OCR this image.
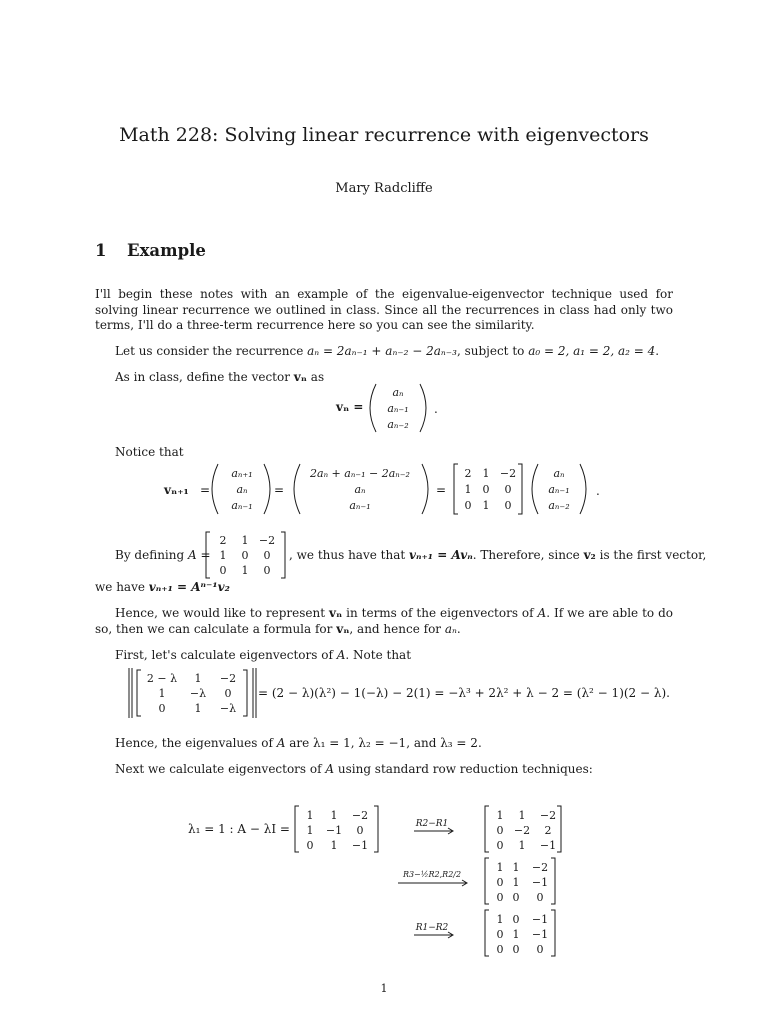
Math 228: Solving linear recurrence with eigenvectors
Mary Radcliffe
1 Example
I'll begin these notes with an example of the eigenvalue-eigenvector technique used for solving linear recurrence we outlined in class. Since all the recurrences in class had only two terms, I'll do a three-term recurrence here so you can see the similarity.
Let us consider the recurrence aₙ = 2aₙ₋₁ + aₙ₋₂ − 2aₙ₋₃, subject to a₀ = 2, a₁ = 2, a₂ = 4.
As in class, define the vector vₙ as
vₙ =
aₙ
aₙ₋₁
aₙ₋₂
.
Notice that
vₙ₊₁ =
aₙ₊₁
aₙ
aₙ₋₁
=
2aₙ + aₙ₋₁ − 2aₙ₋₂
aₙ
aₙ₋₁
=
2 1 −2
1 0 0
0 1 0
aₙ
aₙ₋₁
aₙ₋₂
.
By defining A =
2 1 −2
1 0 0
0 1 0
, we thus have that vₙ₊₁ = Avₙ. Therefore, since v₂ is the first vector,
we have vₙ₊₁ = Aⁿ⁻¹v₂
Hence, we would like to represent vₙ in terms of the eigenvectors of A. If we are able to do so, then we can calculate a formula for vₙ, and hence for aₙ.
First, let's calculate eigenvectors of A. Note that
2 − λ 1 −2
1 −λ 0
0	1 −λ
= (2 − λ)(λ²) − 1(−λ) − 2(1) = −λ³ + 2λ² + λ − 2 = (λ² − 1)(2 − λ).
Hence, the eigenvalues of A are λ₁ = 1, λ₂ = −1, and λ₃ = 2.
Next we calculate eigenvectors of A using standard row reduction techniques:
λ₁ = 1 : A − λI =
1 1 −2
1 −1 0
0 1 −1
R2−R1
1 1 −2
0 −2 2
0 1 −1
R3−½R2,R2/2
1 1 −2
0 1 −1
0 0 0
R1−R2
1 0 −1
0 1 −1
0 0 0
1
